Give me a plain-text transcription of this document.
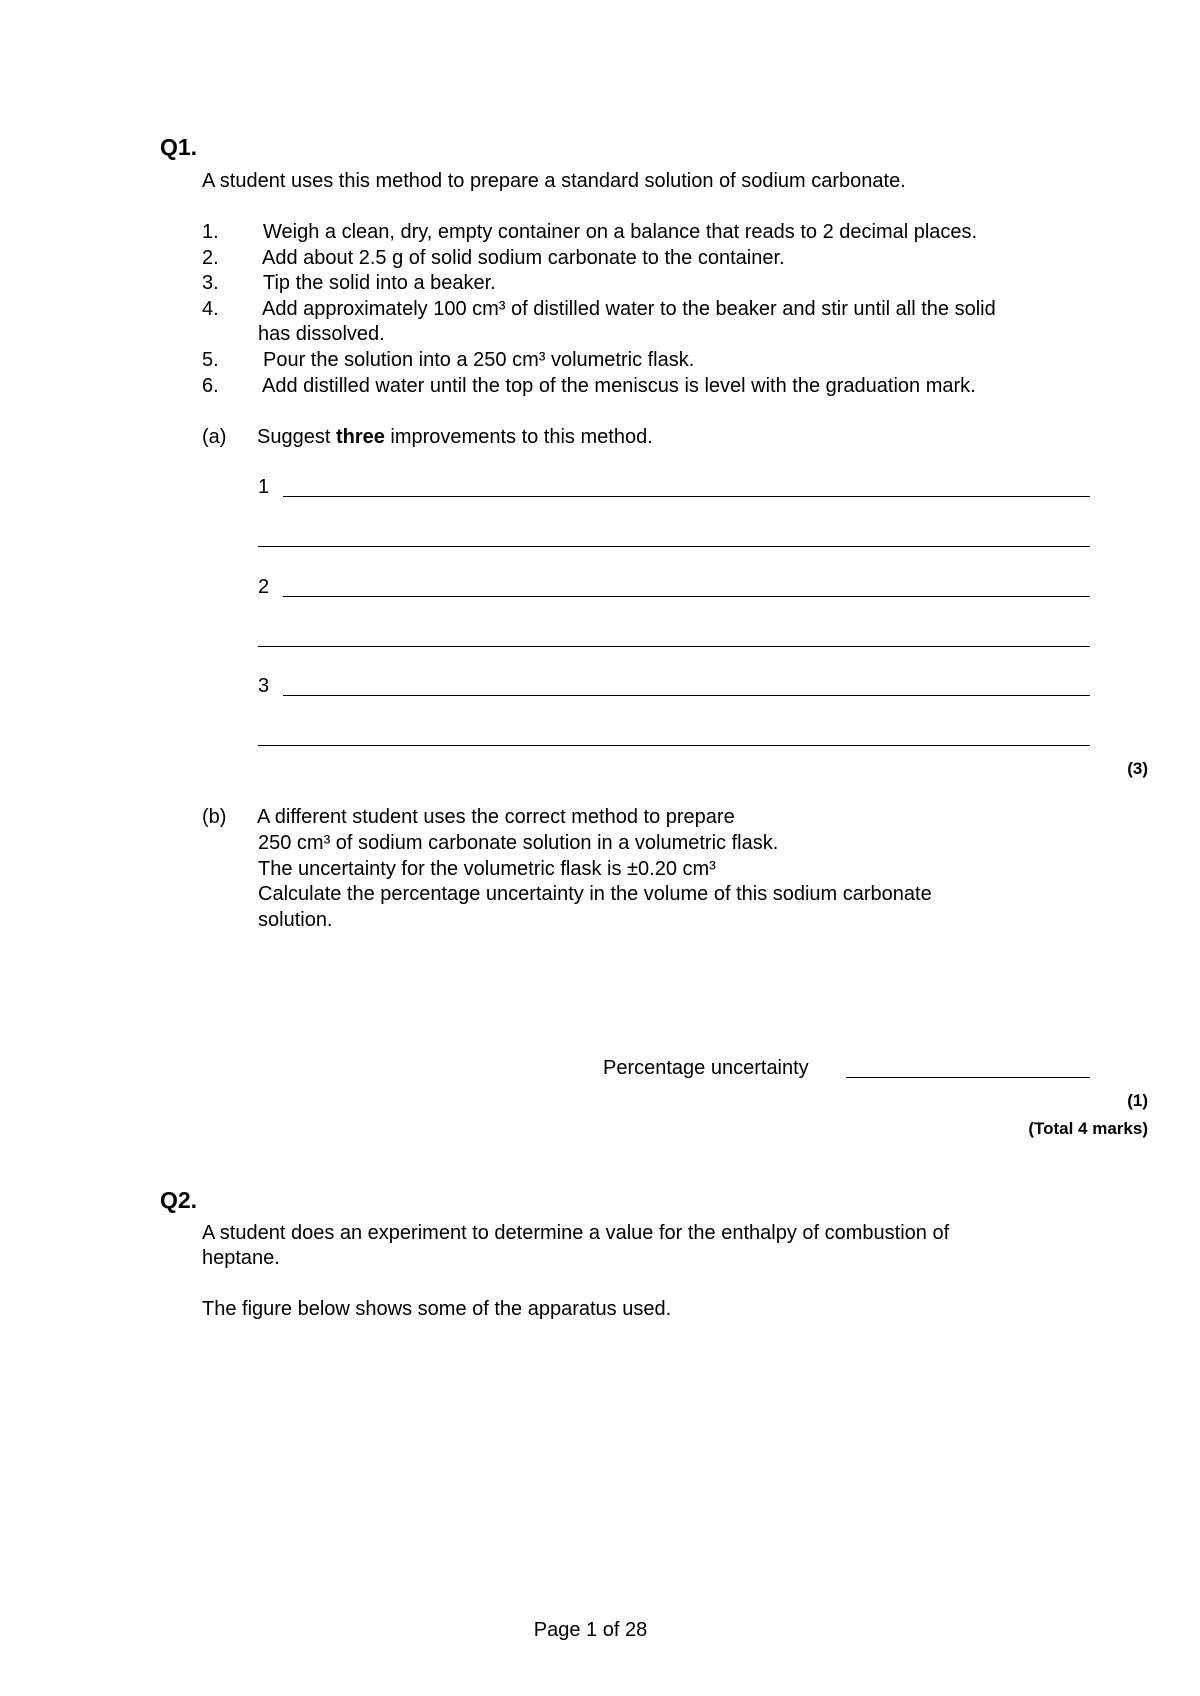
Q1.
A student uses this method to prepare a standard solution of sodium carbonate.
1.	Weigh a clean, dry, empty container on a balance that reads to 2 decimal places.
2.	Add about 2.5 g of solid sodium carbonate to the container.
3.	Tip the solid into a beaker.
4.	Add approximately 100 cm³ of distilled water to the beaker and stir until all the solid
has dissolved.
5.	Pour the solution into a 250 cm³ volumetric flask.
6.	Add distilled water until the top of the meniscus is level with the graduation mark.
(a) Suggest three improvements to this method.
1
2
3
(3)
(b) A different student uses the correct method to prepare
250 cm³ of sodium carbonate solution in a volumetric flask.
The uncertainty for the volumetric flask is ±0.20 cm³
Calculate the percentage uncertainty in the volume of this sodium carbonate
solution.
Percentage uncertainty
(1)
(Total 4 marks)
Q2.
A student does an experiment to determine a value for the enthalpy of combustion of
heptane.
The figure below shows some of the apparatus used.
Page 1 of 28
